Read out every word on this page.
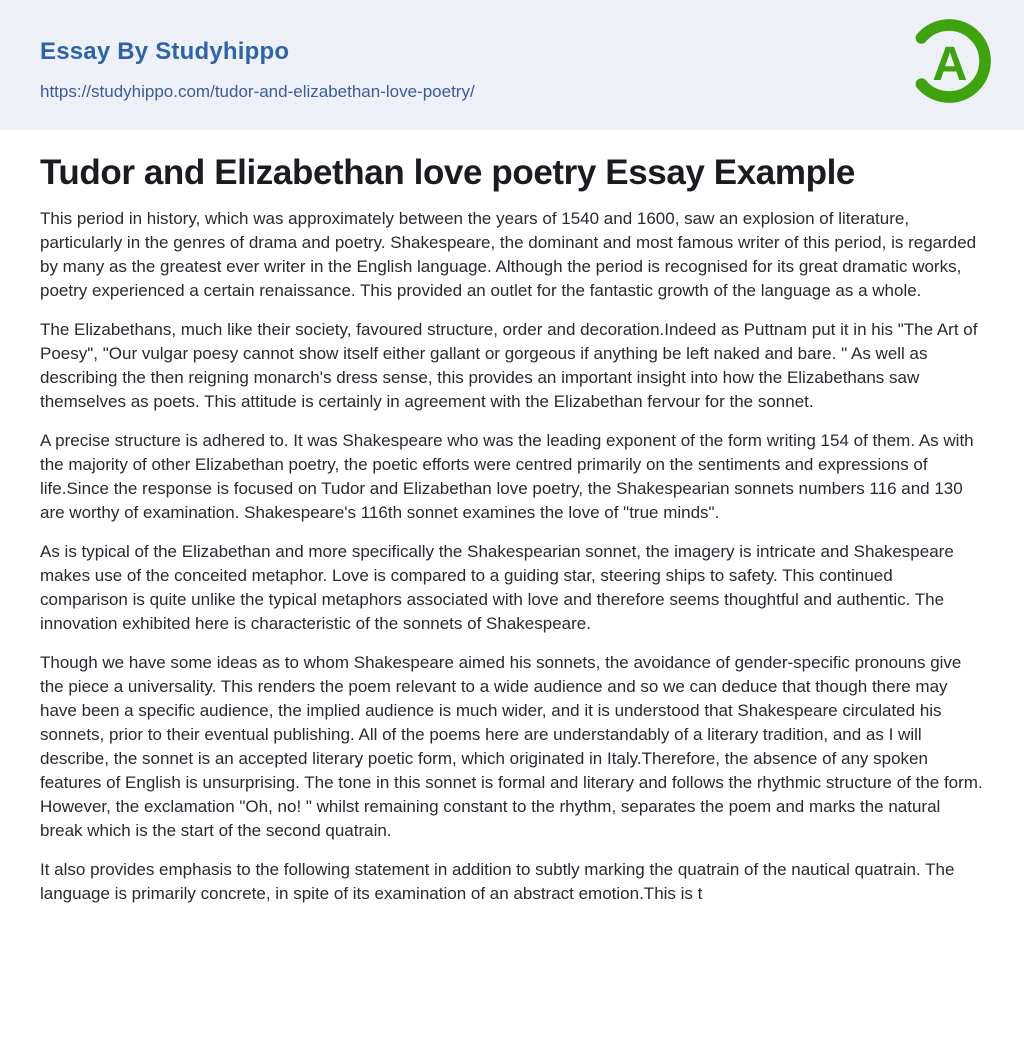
Essay By Studyhippo
https://studyhippo.com/tudor-and-elizabethan-love-poetry/
A
Tudor and Elizabethan love poetry Essay Example

This period in history, which was approximately between the years of 1540 and 1600, saw an explosion of literature, particularly in the genres of drama and poetry. Shakespeare, the dominant and most famous writer of this period, is regarded by many as the greatest ever writer in the English language. Although the period is recognised for its great dramatic works, poetry experienced a certain renaissance. This provided an outlet for the fantastic growth of the language as a whole.

The Elizabethans, much like their society, favoured structure, order and decoration.Indeed as Puttnam put it in his "The Art of Poesy", "Our vulgar poesy cannot show itself either gallant or gorgeous if anything be left naked and bare. " As well as describing the then reigning monarch's dress sense, this provides an important insight into how the Elizabethans saw themselves as poets. This attitude is certainly in agreement with the Elizabethan fervour for the sonnet.

A precise structure is adhered to. It was Shakespeare who was the leading exponent of the form writing 154 of them. As with the majority of other Elizabethan poetry, the poetic efforts were centred primarily on the sentiments and expressions of life.Since the response is focused on Tudor and Elizabethan love poetry, the Shakespearian sonnets numbers 116 and 130 are worthy of examination. Shakespeare's 116th sonnet examines the love of "true minds".

As is typical of the Elizabethan and more specifically the Shakespearian sonnet, the imagery is intricate and Shakespeare makes use of the conceited metaphor. Love is compared to a guiding star, steering ships to safety. This continued comparison is quite unlike the typical metaphors associated with love and therefore seems thoughtful and authentic. The innovation exhibited here is characteristic of the sonnets of Shakespeare.

Though we have some ideas as to whom Shakespeare aimed his sonnets, the avoidance of gender-specific pronouns give the piece a universality. This renders the poem relevant to a wide audience and so we can deduce that though there may have been a specific audience, the implied audience is much wider, and it is understood that Shakespeare circulated his sonnets, prior to their eventual publishing. All of the poems here are understandably of a literary tradition, and as I will describe, the sonnet is an accepted literary poetic form, which originated in Italy.Therefore, the absence of any spoken features of English is unsurprising. The tone in this sonnet is formal and literary and follows the rhythmic structure of the form. However, the exclamation "Oh, no! " whilst remaining constant to the rhythm, separates the poem and marks the natural break which is the start of the second quatrain.

It also provides emphasis to the following statement in addition to subtly marking the quatrain of the nautical quatrain. The language is primarily concrete, in spite of its examination of an abstract emotion.This is t
